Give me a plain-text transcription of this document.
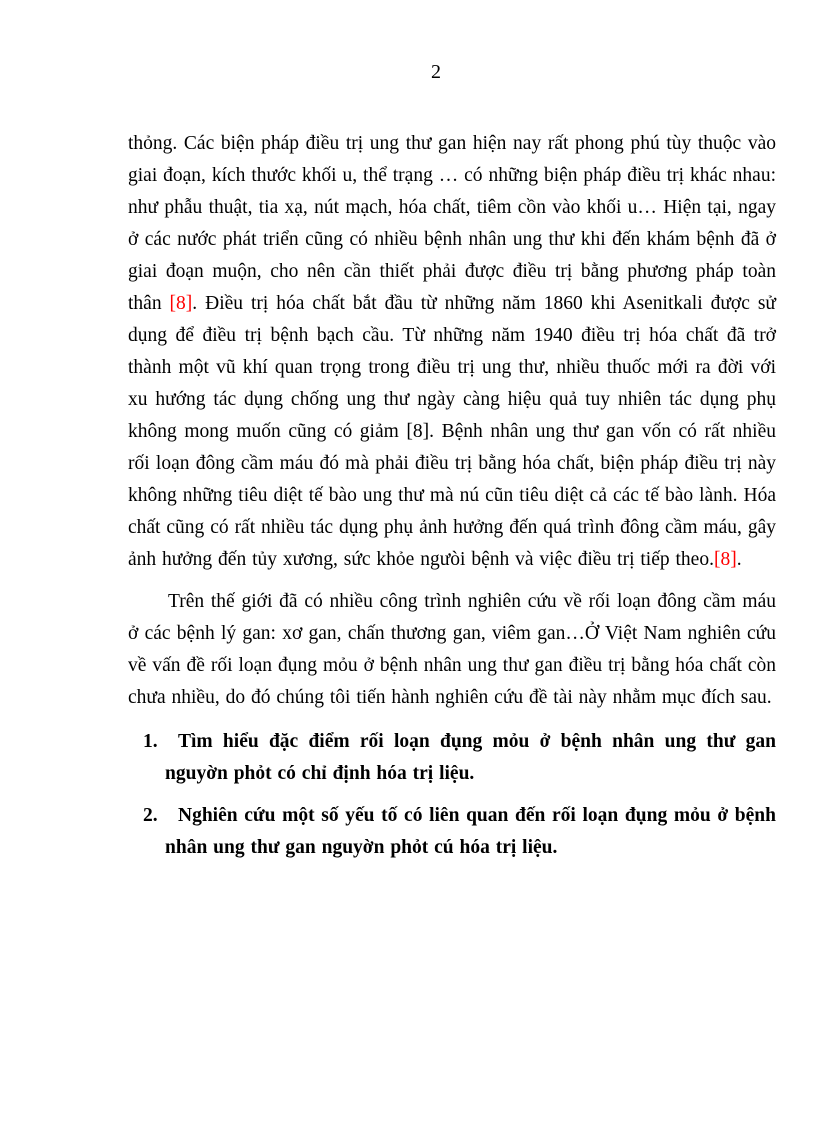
2

thỏng. Các biện pháp điều trị ung thư gan hiện nay rất phong phú tùy thuộc vào giai đoạn, kích thước khối u, thể trạng … có những biện pháp điều trị khác nhau: như phẫu thuật, tia xạ, nút mạch, hóa chất, tiêm cồn vào khối u… Hiện tại, ngay ở các nước phát triển cũng có nhiều bệnh nhân ung thư khi đến khám bệnh đã ở giai đoạn muộn, cho nên cần thiết phải được điều trị bằng phương pháp toàn thân [8]. Điều trị hóa chất bắt đầu từ những năm 1860 khi Asenitkali được sử dụng để điều trị bệnh bạch cầu. Từ những năm 1940 điều trị hóa chất đã trở thành một vũ khí quan trọng trong điều trị ung thư, nhiều thuốc mới ra đời với xu hướng tác dụng chống ung thư ngày càng hiệu quả tuy nhiên tác dụng phụ không mong muốn cũng có giảm [8]. Bệnh nhân ung thư gan vốn có rất nhiều rối loạn đông cầm máu đó mà phải điều trị bằng hóa chất, biện pháp điều trị này không những tiêu diệt tế bào ung thư mà nú cũn tiêu diệt cả các tế bào lành. Hóa chất cũng có rất nhiều tác dụng phụ ảnh hưởng đến quá trình đông cầm máu, gây ảnh hưởng đến tủy xương, sức khỏe ngưòi bệnh và việc điều trị tiếp theo.[8].

Trên thế giới đã có nhiều công trình nghiên cứu về rối loạn đông cầm máu ở các bệnh lý gan: xơ gan, chấn thương gan, viêm gan…Ở Việt Nam nghiên cứu về vấn đề rối loạn đụng mỏu ở bệnh nhân ung thư gan điều trị bằng hóa chất còn chưa nhiều, do đó chúng tôi tiến hành nghiên cứu đề tài này nhằm mục đích sau.

1. Tìm hiểu đặc điểm rối loạn đụng mỏu ở bệnh nhân ung thư gan nguyờn phỏt có chỉ định hóa trị liệu.
2. Nghiên cứu một số yếu tố có liên quan đến rối loạn đụng mỏu ở bệnh nhân ung thư gan nguyờn phỏt cú hóa trị liệu.
